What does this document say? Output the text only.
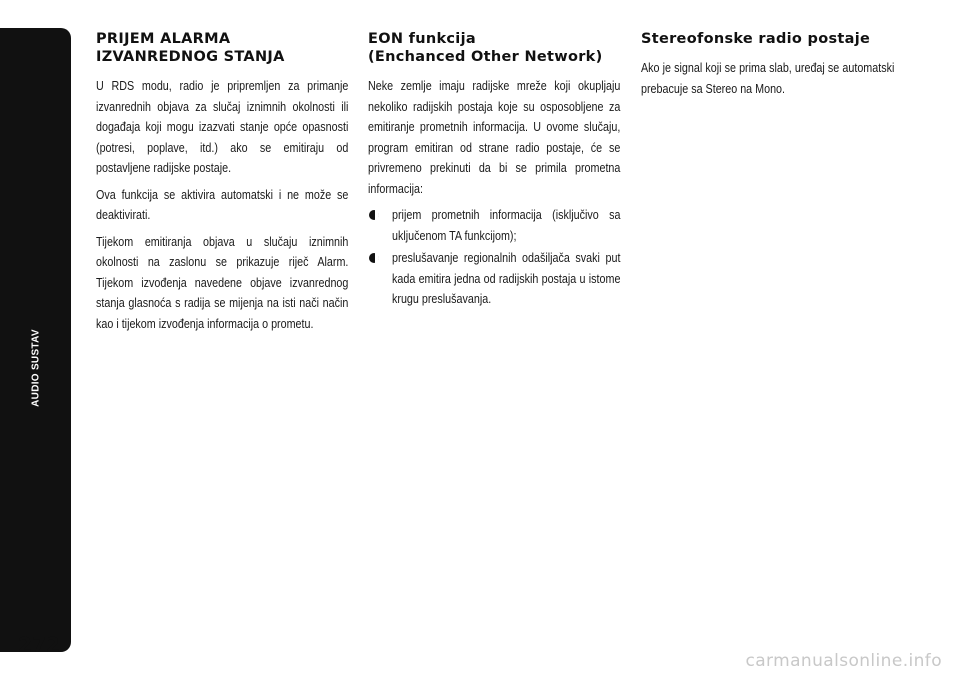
AUDIO SUSTAV
272
PRIJEM ALARMA
IZVANREDNOG STANJA

U RDS modu, radio je pripremljen za primanje izvanrednih objava za slučaj iznimnih okolnosti ili događaja koji mogu izazvati stanje opće opasnosti (potresi, poplave, itd.) ako se emitiraju od postavljene radijske postaje.

Ova funkcija se aktivira automatski i ne može se deaktivirati.

Tijekom emitiranja objava u slučaju iznimnih okolnosti na zaslonu se prikazuje riječ Alarm. Tijekom izvođenja navedene objave izvanrednog stanja glasnoća s radija se mijenja na isti nači način kao i tijekom izvođenja informacija o prometu.

EON funkcija
(Enchanced Other Network)

Neke zemlje imaju radijske mreže koji okupljaju nekoliko radijskih postaja koje su osposobljene za emitiranje prometnih informacija. U ovome slučaju, program emitiran od strane radio postaje, će se privremeno prekinuti da bi se primila prometna informacija:

prijem prometnih informacija (isključivo sa uključenom TA funkcijom);
preslušavanje regionalnih odašiljača svaki put kada emitira jedna od radijskih postaja u istome krugu preslušavanja.
Stereofonske radio postaje

Ako je signal koji se prima slab, uređaj se automatski prebacuje sa Stereo na Mono.

carmanualsonline.info
